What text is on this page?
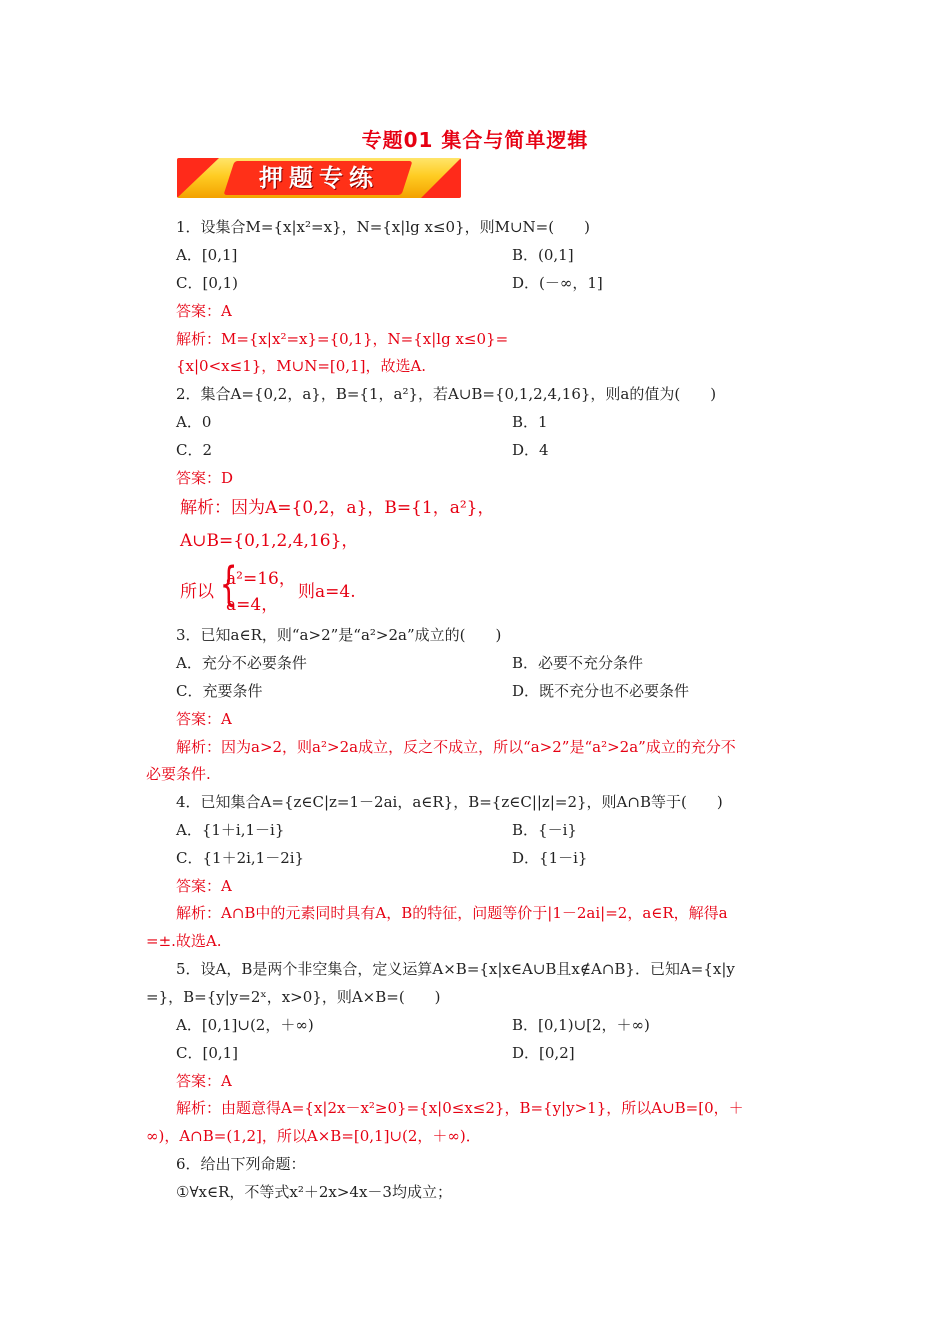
专题01 集合与简单逻辑
押题专练
1．设集合M={x|x²=x}，N={x|lg x≤0}，则M∪N=(　　)
A．[0,1]	B．(0,1]
C．[0,1)	D．(－∞，1]
答案：A
解析：M={x|x²=x}={0,1}，N={x|lg x≤0}=
{x|0<x≤1}，M∪N=[0,1]，故选A.
2．集合A={0,2，a}，B={1，a²}，若A∪B={0,1,2,4,16}，则a的值为(　　)
A．0	B．1
C．2	D．4
答案：D
解析：因为A={0,2，a}，B={1，a²}，
A∪B={0,1,2,4,16}，
所以 {
a²=16，
a=4，
则a=4.
3．已知a∈R，则“a>2”是“a²>2a”成立的(　　)
A．充分不必要条件	B．必要不充分条件
C．充要条件	D．既不充分也不必要条件
答案：A
解析：因为a>2，则a²>2a成立，反之不成立，所以“a>2”是“a²>2a”成立的充分不
必要条件.
4．已知集合A={z∈C|z=1－2ai，a∈R}，B={z∈C||z|=2}，则A∩B等于(　　)
A．{1＋i,1－i}	B．{－i}
C．{1＋2i,1－2i}	D．{1－i}
答案：A
解析：A∩B中的元素同时具有A，B的特征，问题等价于|1－2ai|=2，a∈R，解得a
=±.故选A.
5．设A，B是两个非空集合，定义运算A×B={x|x∈A∪B且x∉A∩B}．已知A={x|y
=}，B={y|y=2ˣ，x>0}，则A×B=(　　)
A．[0,1]∪(2，＋∞)	B．[0,1)∪[2，＋∞)
C．[0,1]	D．[0,2]
答案：A
解析：由题意得A={x|2x－x²≥0}={x|0≤x≤2}，B={y|y>1}，所以A∪B=[0，＋
∞)，A∩B=(1,2]，所以A×B=[0,1]∪(2，＋∞)．
6．给出下列命题：
①∀x∈R，不等式x²＋2x>4x－3均成立；
